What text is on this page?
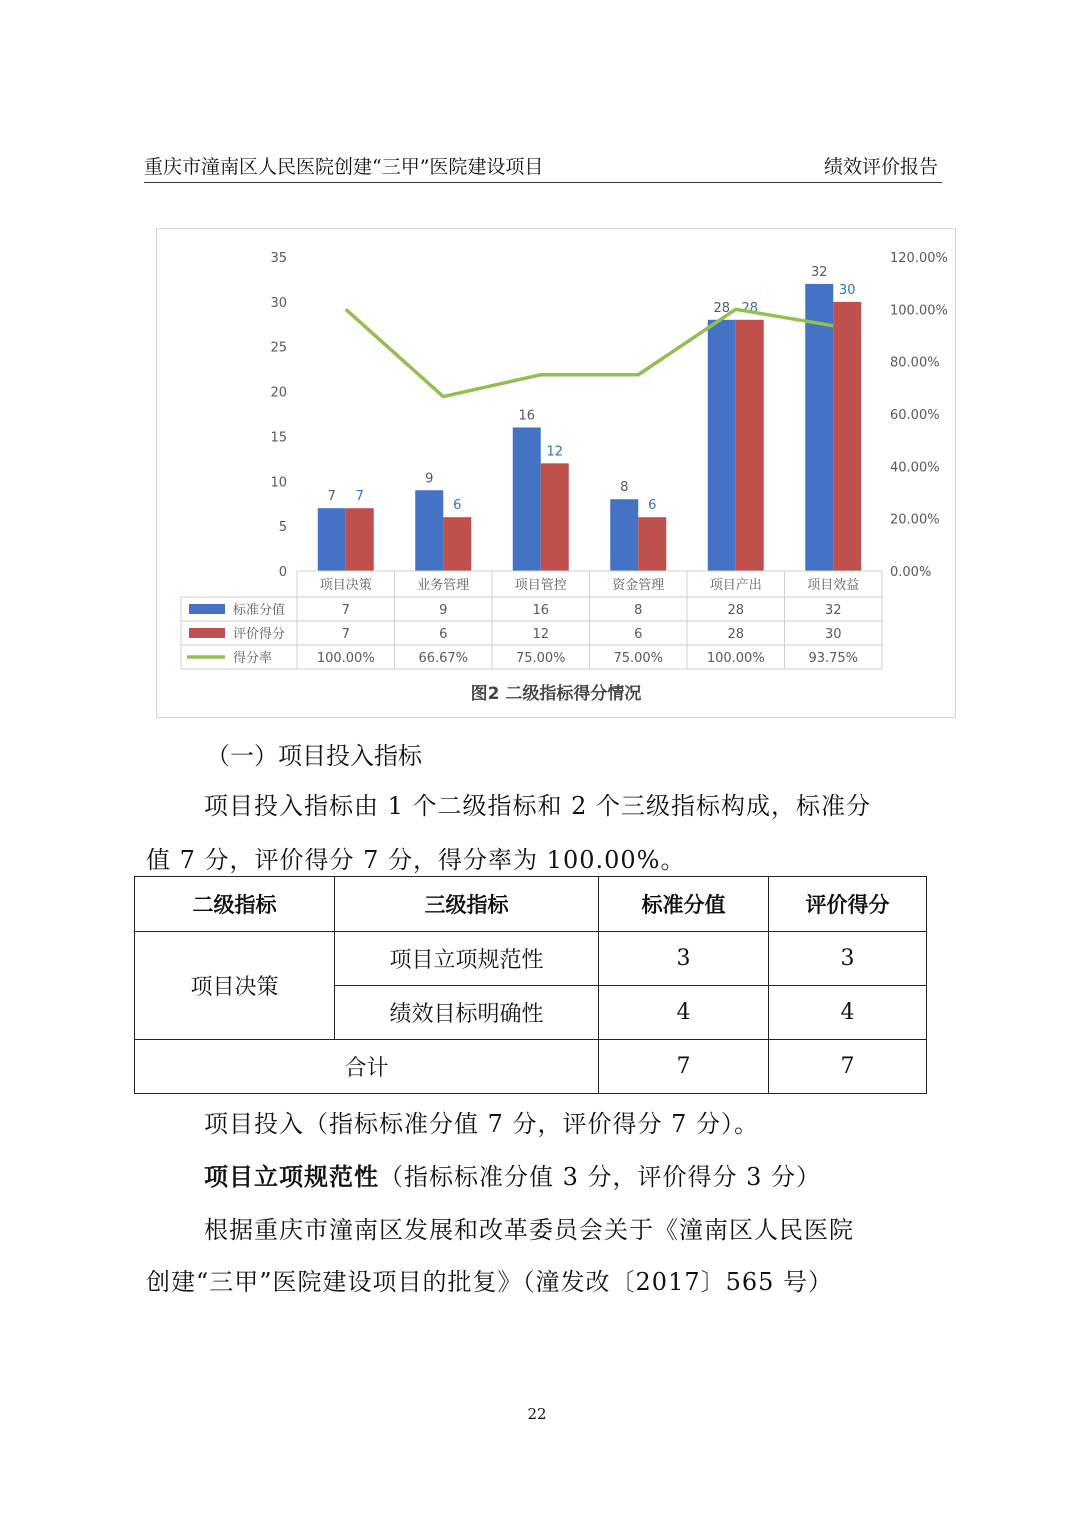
重庆市潼南区人民医院创建“三甲”医院建设项目	绩效评价报告
0
5
10
15
20
25
30
35
0.00%
20.00%
40.00%
60.00%
80.00%
100.00%
120.00%
7 7
9
6
16
12
8
6
28 28
32
30
项目决策	业务管理	项目管控	资金管理	项目产出	项目效益
标准分值	7	9	16	8	28	32
评价得分	7	6	12	6	28	30
得分率	100.00%	66.67%	75.00%	75.00%	100.00%	93.75%
图2 二级指标得分情况
（一）项目投入指标
项目投入指标由 1 个二级指标和 2 个三级指标构成，标准分
值 7 分，评价得分 7 分，得分率为 100.00%。
二级指标	三级指标	标准分值	评价得分
项目决策	项目立项规范性	3	3
	绩效目标明确性	4	4
合计		7	7
项目投入（指标标准分值 7 分，评价得分 7 分）。
项目立项规范性（指标标准分值 3 分，评价得分 3 分）
根据重庆市潼南区发展和改革委员会关于《潼南区人民医院
创建“三甲”医院建设项目的批复》（潼发改〔2017〕565 号）
22
